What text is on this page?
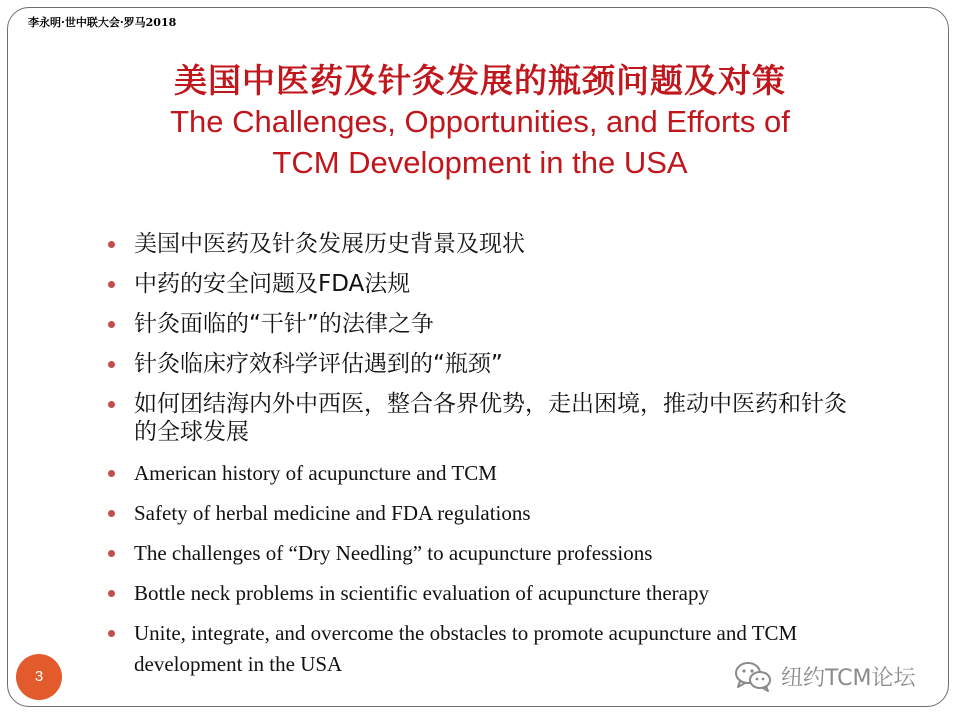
李永明·世中联大会·罗马2018
美国中医药及针灸发展的瓶颈问题及对策
The Challenges, Opportunities, and Efforts of
TCM Development in the USA
美国中医药及针灸发展历史背景及现状
中药的安全问题及FDA法规
针灸面临的“干针”的法律之争
针灸临床疗效科学评估遇到的“瓶颈”
如何团结海内外中西医，整合各界优势，走出困境，推动中医药和针灸的全球发展
American history of acupuncture and TCM
Safety of herbal medicine and FDA regulations
The challenges of “Dry Needling” to acupuncture professions
Bottle neck problems in scientific evaluation of acupuncture therapy
Unite, integrate, and overcome the obstacles to promote acupuncture and TCM development in the USA
3	纽约TCM论坛
